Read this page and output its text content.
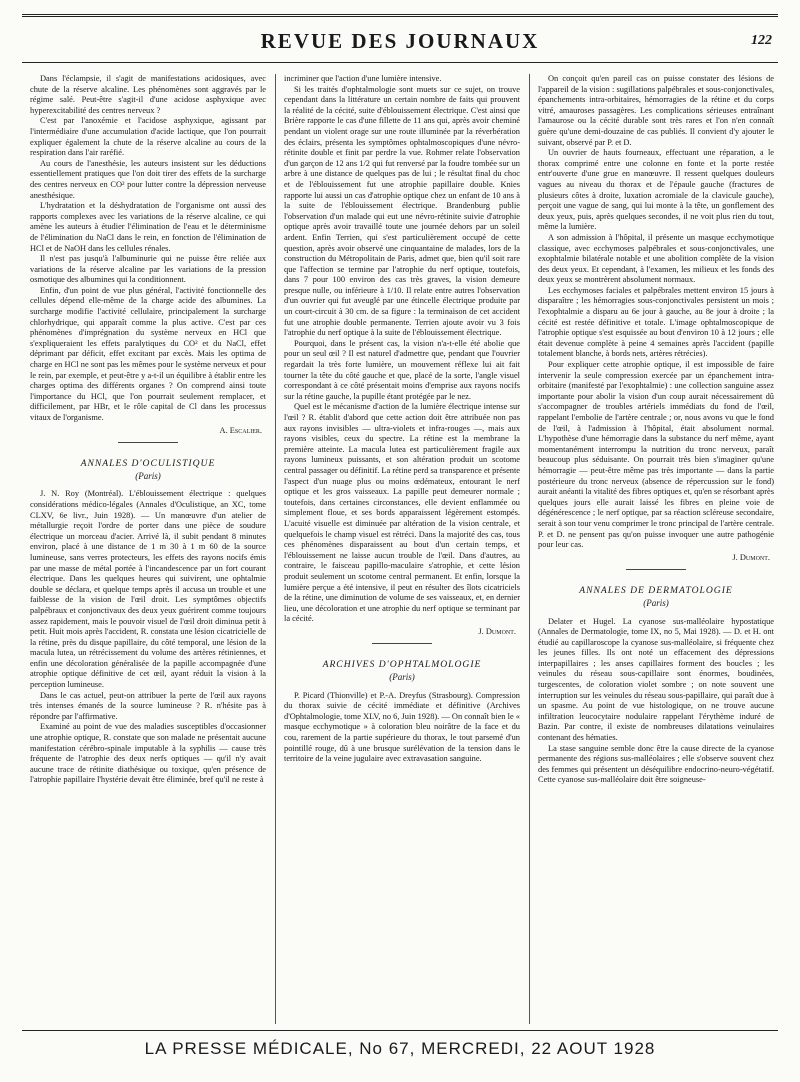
REVUE DES JOURNAUX	122

Dans l'éclampsie, il s'agit de manifestations acidosiques, avec chute de la réserve alcaline. Les phénomènes sont aggravés par le régime salé. Peut-être s'agit-il d'une acidose asphyxique avec hyperexcitabilité des centres nerveux ?

C'est par l'anoxémie et l'acidose asphyxique, agissant par l'intermédiaire d'une accumulation d'acide lactique, que l'on pourrait expliquer également la chute de la réserve alcaline au cours de la respiration dans l'air raréfié.

Au cours de l'anesthésie, les auteurs insistent sur les déductions essentiellement pratiques que l'on doit tirer des effets de la surcharge des centres nerveux en CO² pour lutter contre la dépression nerveuse anesthésique.

L'hydratation et la déshydratation de l'organisme ont aussi des rapports complexes avec les variations de la réserve alcaline, ce qui amène les auteurs à étudier l'élimination de l'eau et le déterminisme de l'élimination du NaCl dans le rein, en fonction de l'élimination de HCl et de NaOH dans les cellules rénales.

Il n'est pas jusqu'à l'albuminurie qui ne puisse être reliée aux variations de la réserve alcaline par les variations de la pression osmotique des albumines qui la conditionnent.

Enfin, d'un point de vue plus général, l'activité fonctionnelle des cellules dépend elle-même de la charge acide des albumines. La surcharge modifie l'activité cellulaire, principalement la surcharge chlorhydrique, qui apparaît comme la plus active. C'est par ces phénomènes d'imprégnation du système nerveux en HCl que s'expliqueraient les effets paralytiques du CO² et du NaCl, effet déprimant par déficit, effet excitant par excès. Mais les optima de charge en HCl ne sont pas les mêmes pour le système nerveux et pour le rein, par exemple, et peut-être y a-t-il un équilibre à établir entre les charges optima des différents organes ? On comprend ainsi toute l'importance du HCl, que l'on pourrait seulement remplacer, et difficilement, par HBr, et le rôle capital de Cl dans les processus vitaux de l'organisme.

A. Escalier.
ANNALES D'OCULISTIQUE
(Paris)

J. N. Roy (Montréal). L'éblouissement électrique : quelques considérations médico-légales (Annales d'Oculistique, an XC, tome CLXV, 6e livr., Juin 1928). — Un manœuvre d'un atelier de métallurgie reçoit l'ordre de porter dans une pièce de soudure électrique un morceau d'acier. Arrivé là, il subit pendant 8 minutes environ, placé à une distance de 1 m 30 à 1 m 60 de la source lumineuse, sans verres protecteurs, les effets des rayons nocifs émis par une masse de métal portée à l'incandescence par un fort courant électrique. Dans les quelques heures qui suivirent, une ophtalmie double se déclara, et quelque temps après il accusa un trouble et une faiblesse de la vision de l'œil droit. Les symptômes objectifs palpébraux et conjonctivaux des deux yeux guérirent comme toujours assez rapidement, mais le pouvoir visuel de l'œil droit diminua petit à petit. Huit mois après l'accident, R. constata une lésion cicatricielle de la rétine, près du disque papillaire, du côté temporal, une lésion de la macula lutea, un rétrécissement du volume des artères rétiniennes, et enfin une décoloration généralisée de la papille accompagnée d'une atrophie optique définitive de cet œil, ayant réduit la vision à la perception lumineuse.

Dans le cas actuel, peut-on attribuer la perte de l'œil aux rayons très intenses émanés de la source lumineuse ? R. n'hésite pas à répondre par l'affirmative.

Examiné au point de vue des maladies susceptibles d'occasionner une atrophie optique, R. constate que son malade ne présentait aucune manifestation cérébro-spinale imputable à la syphilis — cause très fréquente de l'atrophie des deux nerfs optiques — qu'il n'y avait aucune trace de rétinite diathésique ou toxique, qu'en présence de l'atrophie papillaire l'hystérie devait être éliminée, bref qu'il ne reste à

incriminer que l'action d'une lumière intensive.

Si les traités d'ophtalmologie sont muets sur ce sujet, on trouve cependant dans la littérature un certain nombre de faits qui prouvent la réalité de la cécité, suite d'éblouissement électrique. C'est ainsi que Brière rapporte le cas d'une fillette de 11 ans qui, après avoir cheminé pendant un violent orage sur une route illuminée par la réverbération des éclairs, présenta les symptômes ophtalmoscopiques d'une névro-rétinite double et finit par perdre la vue. Rohmer relate l'observation d'un garçon de 12 ans 1/2 qui fut renversé par la foudre tombée sur un arbre à une distance de quelques pas de lui ; le résultat final du choc et de l'éblouissement fut une atrophie papillaire double. Knies rapporte lui aussi un cas d'atrophie optique chez un enfant de 10 ans à la suite de l'éblouissement électrique. Brandenburg publie l'observation d'un malade qui eut une névro-rétinite suivie d'atrophie optique après avoir travaillé toute une journée dehors par un soleil ardent. Enfin Terrien, qui s'est particulièrement occupé de cette question, après avoir observé une cinquantaine de malades, lors de la construction du Métropolitain de Paris, admet que, bien qu'il soit rare que l'affection se termine par l'atrophie du nerf optique, toutefois, dans 7 pour 100 environ des cas très graves, la vision demeure presque nulle, ou inférieure à 1/10. Il relate entre autres l'observation d'un ouvrier qui fut aveuglé par une étincelle électrique produite par un court-circuit à 30 cm. de sa figure : la terminaison de cet accident fut une atrophie double permanente. Terrien ajoute avoir vu 3 fois l'atrophie du nerf optique à la suite de l'éblouissement électrique.

Pourquoi, dans le présent cas, la vision n'a-t-elle été abolie que pour un seul œil ? Il est naturel d'admettre que, pendant que l'ouvrier regardait la très forte lumière, un mouvement réflexe lui ait fait tourner la tête du côté gauche et que, placé de la sorte, l'angle visuel correspondant à ce côté présentait moins d'emprise aux rayons nocifs sur la rétine gauche, la pupille étant protégée par le nez.

Quel est le mécanisme d'action de la lumière électrique intense sur l'œil ? R. établit d'abord que cette action doit être attribuée non pas aux rayons invisibles — ultra-violets et infra-rouges —, mais aux rayons visibles, ceux du spectre. La rétine est la membrane la première atteinte. La macula lutea est particulièrement fragile aux rayons lumineux puissants, et son altération produit un scotome central passager ou définitif. La rétine perd sa transparence et présente l'aspect d'un nuage plus ou moins œdémateux, entourant le nerf optique et les gros vaisseaux. La papille peut demeurer normale ; toutefois, dans certaines circonstances, elle devient enflammée ou simplement floue, et ses bords apparaissent légèrement estompés. L'acuité visuelle est diminuée par altération de la vision centrale, et quelquefois le champ visuel est rétréci. Dans la majorité des cas, tous ces phénomènes disparaissent au bout d'un certain temps, et l'éblouissement ne laisse aucun trouble de l'œil. Dans d'autres, au contraire, le faisceau papillo-maculaire s'atrophie, et cette lésion produit seulement un scotome central permanent. Et enfin, lorsque la lumière perçue a été intensive, il peut en résulter des îlots cicatriciels de la rétine, une diminution de volume de ses vaisseaux, et, en dernier lieu, une décoloration et une atrophie du nerf optique se terminant par la cécité.

J. Dumont.
ARCHIVES D'OPHTALMOLOGIE
(Paris)

P. Picard (Thionville) et P.-A. Dreyfus (Strasbourg). Compression du thorax suivie de cécité immédiate et définitive (Archives d'Ophtalmologie, tome XLV, no 6, Juin 1928). — On connaît bien le « masque ecchymotique » à coloration bleu noirâtre de la face et du cou, rarement de la partie supérieure du thorax, le tout parsemé d'un pointillé rouge, dû à une brusque surélévation de la tension dans le territoire de la veine jugulaire avec extravasation sanguine.

On conçoit qu'en pareil cas on puisse constater des lésions de l'appareil de la vision : sugillations palpébrales et sous-conjonctivales, épanchements intra-orbitaires, hémorragies de la rétine et du corps vitré, amauroses passagères. Les complications sérieuses entraînant l'amaurose ou la cécité durable sont très rares et l'on n'en connaît guère qu'une demi-douzaine de cas publiés. Il convient d'y ajouter le suivant, observé par P. et D.

Un ouvrier de hauts fourneaux, effectuant une réparation, a le thorax comprimé entre une colonne en fonte et la porte restée entr'ouverte d'une grue en manœuvre. Il ressent quelques douleurs vagues au niveau du thorax et de l'épaule gauche (fractures de plusieurs côtes à droite, luxation acromiale de la clavicule gauche), perçoit une vague de sang, qui lui monte à la tête, un gonflement des deux yeux, puis, après quelques secondes, il ne voit plus rien du tout, même la lumière.

A son admission à l'hôpital, il présente un masque ecchymotique classique, avec ecchymoses palpébrales et sous-conjonctivales, une exophtalmie bilatérale notable et une abolition complète de la vision des deux yeux. Et cependant, à l'examen, les milieux et les fonds des deux yeux se montrèrent absolument normaux.

Les ecchymoses faciales et palpébrales mettent environ 15 jours à disparaître ; les hémorragies sous-conjonctivales persistent un mois ; l'exophtalmie a disparu au 6e jour à gauche, au 8e jour à droite ; la cécité est restée définitive et totale. L'image ophtalmoscopique de l'atrophie optique s'est esquissée au bout d'environ 10 à 12 jours ; elle était devenue complète à peine 4 semaines après l'accident (papille totalement blanche, à bords nets, artères rétrécies).

Pour expliquer cette atrophie optique, il est impossible de faire intervenir la seule compression exercée par un épanchement intra-orbitaire (manifesté par l'exophtalmie) : une collection sanguine assez importante pour abolir la vision d'un coup aurait nécessairement dû s'accompagner de troubles artériels immédiats du fond de l'œil, rappelant l'embolie de l'artère centrale ; or, nous avons vu que le fond de l'œil, à l'admission à l'hôpital, était absolument normal. L'hypothèse d'une hémorragie dans la substance du nerf même, ayant momentanément interrompu la nutrition du tronc nerveux, paraît beaucoup plus séduisante. On pourrait très bien s'imaginer qu'une hémorragie — peut-être même pas très importante — dans la partie postérieure du tronc nerveux (absence de répercussion sur le fond) aurait anéanti la vitalité des fibres optiques et, qu'en se résorbant après quelques jours elle aurait laissé les fibres en pleine voie de dégénérescence ; le nerf optique, par sa réaction scléreuse secondaire, serait à son tour venu comprimer le tronc principal de l'artère centrale. P. et D. ne pensent pas qu'on puisse invoquer une autre pathogénie pour leur cas.

J. Dumont.
ANNALES DE DERMATOLOGIE
(Paris)

Delater et Hugel. La cyanose sus-malléolaire hypostatique (Annales de Dermatologie, tome IX, no 5, Mai 1928). — D. et H. ont étudié au capillaroscope la cyanose sus-malléolaire, si fréquente chez les jeunes filles. Ils ont noté un effacement des dépressions interpapillaires ; les anses capillaires forment des boucles ; les veinules du réseau sous-capillaire sont énormes, boudinées, turgescentes, de coloration violet sombre ; on note souvent une interruption sur les veinules du réseau sous-papillaire, qui paraît due à un spasme. Au point de vue histologique, on ne trouve aucune infiltration leucocytaire nodulaire rappelant l'érythème induré de Bazin. Par contre, il existe de nombreuses dilatations veinulaires contenant des hématies.

La stase sanguine semble donc être la cause directe de la cyanose permanente des régions sus-malléolaires ; elle s'observe souvent chez des femmes qui présentent un déséquilibre endocrino-neuro-végétatif. Cette cyanose sus-malléolaire doit être soigneuse-

LA PRESSE MÉDICALE, No 67, MERCREDI, 22 AOUT 1928
